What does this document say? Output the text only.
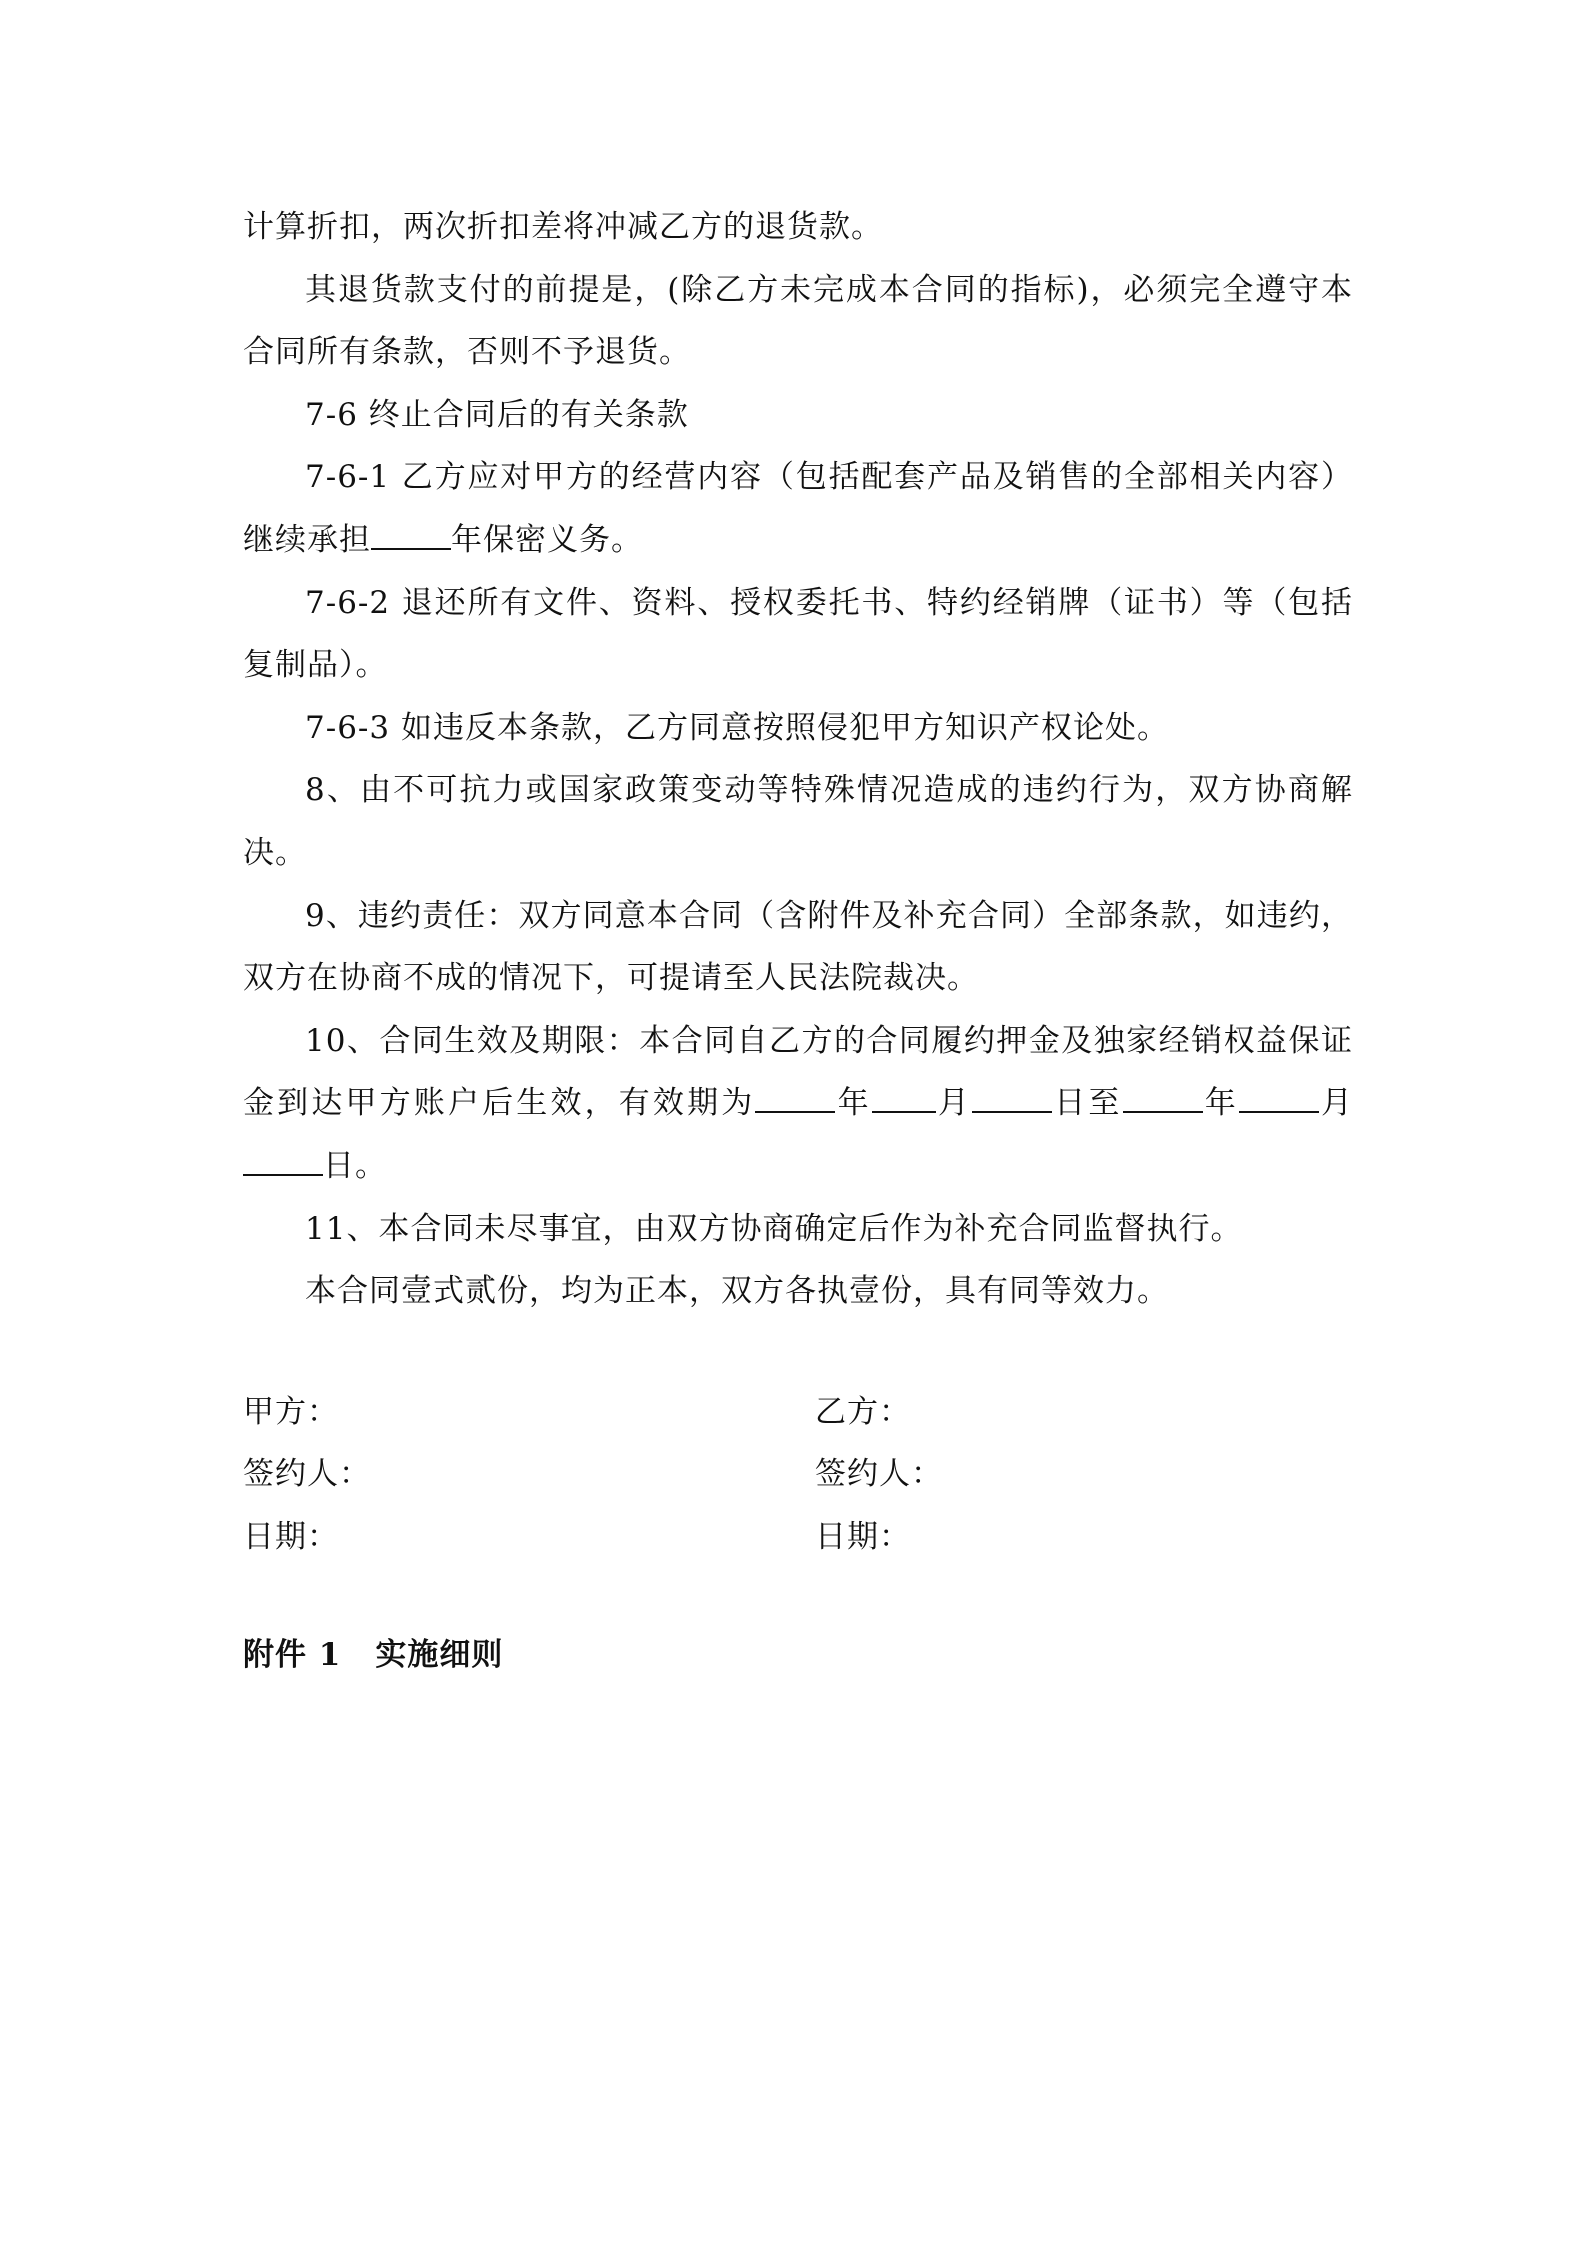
计算折扣，两次折扣差将冲减乙方的退货款。

其退货款支付的前提是，(除乙方未完成本合同的指标)，必须完全遵守本合同所有条款，否则不予退货。

7-6 终止合同后的有关条款

7-6-1 乙方应对甲方的经营内容（包括配套产品及销售的全部相关内容）继续承担	年保密义务。

7-6-2 退还所有文件、资料、授权委托书、特约经销牌（证书）等（包括复制品）。

7-6-3 如违反本条款，乙方同意按照侵犯甲方知识产权论处。

8、由不可抗力或国家政策变动等特殊情况造成的违约行为，双方协商解决。

9、违约责任：双方同意本合同（含附件及补充合同）全部条款，如违约，双方在协商不成的情况下，可提请至人民法院裁决。

10、合同生效及期限：本合同自乙方的合同履约押金及独家经销权益保证金到达甲方账户后生效，有效期为	年 月	日至	年	月日。

11、本合同未尽事宜，由双方协商确定后作为补充合同监督执行。

本合同壹式贰份，均为正本，双方各执壹份，具有同等效力。

甲方：	乙方：
签约人：	签约人：
日期：	日期：
附件 1 实施细则
